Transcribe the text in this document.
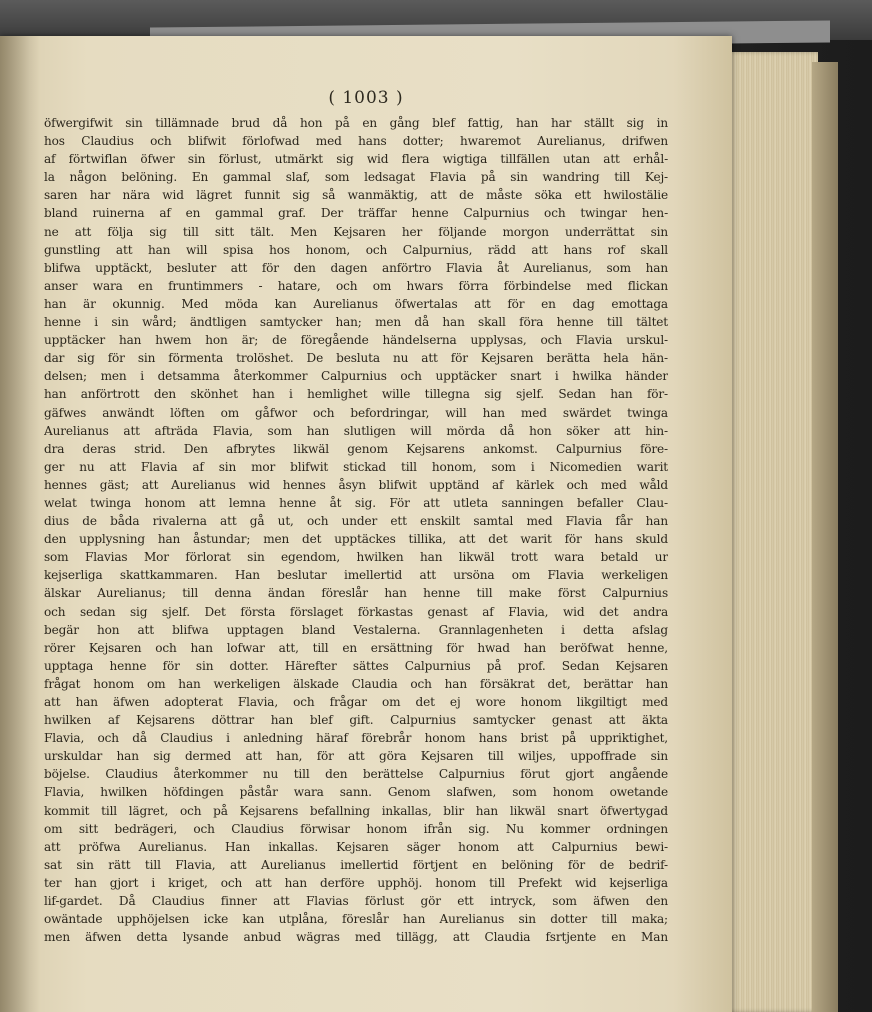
( 1003 )
öfwergifwit sin tillämnade brud då hon på en gång blef fattig, han har ställt sig in
hos Claudius och blifwit förlofwad med hans dotter; hwaremot Aurelianus, drifwen
af förtwiflan öfwer sin förlust, utmärkt sig wid flera wigtiga tillfällen utan att erhål-
la någon belöning. En gammal slaf, som ledsagat Flavia på sin wandring till Kej-
saren har nära wid lägret funnit sig så wanmäktig, att de måste söka ett hwilostälie
bland ruinerna af en gammal graf. Der träffar henne Calpurnius och twingar hen-
ne att följa sig till sitt tält. Men Kejsaren her följande morgon underrättat sin
gunstling att han will spisa hos honom, och Calpurnius, rädd att hans rof skall
blifwa upptäckt, besluter att för den dagen anförtro Flavia åt Aurelianus, som han
anser wara en fruntimmers - hatare, och om hwars förra förbindelse med flickan
han är okunnig. Med möda kan Aurelianus öfwertalas att för en dag emottaga
henne i sin wård; ändtligen samtycker han; men då han skall föra henne till tältet
upptäcker han hwem hon är; de föregående händelserna upplysas, och Flavia urskul-
dar sig för sin förmenta trolöshet. De besluta nu att för Kejsaren berätta hela hän-
delsen; men i detsamma återkommer Calpurnius och upptäcker snart i hwilka händer
han anförtrott den skönhet han i hemlighet wille tillegna sig sjelf. Sedan han för-
gäfwes anwändt löften om gåfwor och befordringar, will han med swärdet twinga
Aurelianus att afträda Flavia, som han slutligen will mörda då hon söker att hin-
dra deras strid. Den afbrytes likwäl genom Kejsarens ankomst. Calpurnius före-
ger nu att Flavia af sin mor blifwit stickad till honom, som i Nicomedien warit
hennes gäst; att Aurelianus wid hennes åsyn blifwit upptänd af kärlek och med wåld
welat twinga honom att lemna henne åt sig. För att utleta sanningen befaller Clau-
dius de båda rivalerna att gå ut, och under ett enskilt samtal med Flavia får han
den upplysning han åstundar; men det upptäckes tillika, att det warit för hans skuld
som Flavias Mor förlorat sin egendom, hwilken han likwäl trott wara betald ur
kejserliga skattkammaren. Han beslutar imellertid att ursöna om Flavia werkeligen
älskar Aurelianus; till denna ändan föreslår han henne till make först Calpurnius
och sedan sig sjelf. Det första förslaget förkastas genast af Flavia, wid det andra
begär hon att blifwa upptagen bland Vestalerna. Grannlagenheten i detta afslag
rörer Kejsaren och han lofwar att, till en ersättning för hwad han beröfwat henne,
upptaga henne för sin dotter. Härefter sättes Calpurnius på prof. Sedan Kejsaren
frågat honom om han werkeligen älskade Claudia och han försäkrat det, berättar han
att han äfwen adopterat Flavia, och frågar om det ej wore honom likgiltigt med
hwilken af Kejsarens döttrar han blef gift. Calpurnius samtycker genast att äkta
Flavia, och då Claudius i anledning häraf förebrår honom hans brist på uppriktighet,
urskuldar han sig dermed att han, för att göra Kejsaren till wiljes, uppoffrade sin
böjelse. Claudius återkommer nu till den berättelse Calpurnius förut gjort angående
Flavia, hwilken höfdingen påstår wara sann. Genom slafwen, som honom owetande
kommit till lägret, och på Kejsarens befallning inkallas, blir han likwäl snart öfwertygad
om sitt bedrägeri, och Claudius förwisar honom ifrån sig. Nu kommer ordningen
att pröfwa Aurelianus. Han inkallas. Kejsaren säger honom att Calpurnius bewi-
sat sin rätt till Flavia, att Aurelianus imellertid förtjent en belöning för de bedrif-
ter han gjort i kriget, och att han derföre upphöj. honom till Prefekt wid kejserliga
lif-gardet. Då Claudius finner att Flavias förlust gör ett intryck, som äfwen den
owäntade upphöjelsen icke kan utplåna, föreslår han Aurelianus sin dotter till maka;
men äfwen detta lysande anbud wägras med tillägg, att Claudia fsrtjente en Man
